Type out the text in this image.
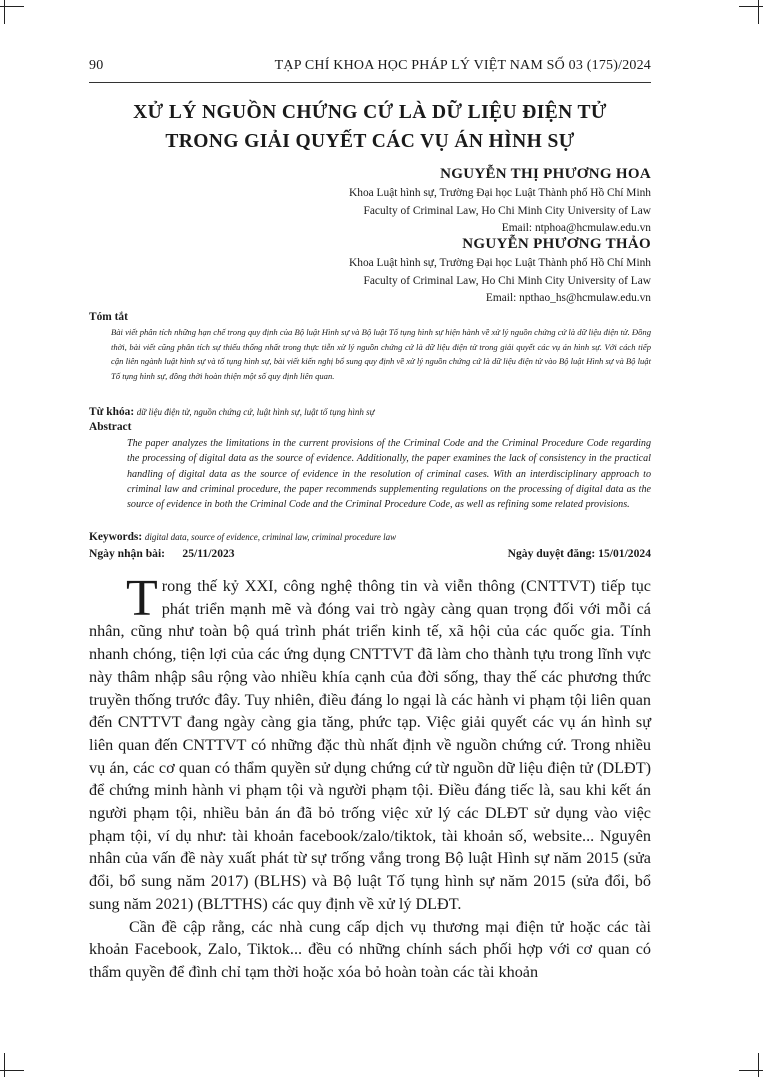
90	TẠP CHÍ KHOA HỌC PHÁP LÝ VIỆT NAM SỐ 03 (175)/2024
XỬ LÝ NGUỒN CHỨNG CỨ LÀ DỮ LIỆU ĐIỆN TỬ
TRONG GIẢI QUYẾT CÁC VỤ ÁN HÌNH SỰ
NGUYỄN THỊ PHƯƠNG HOA
Khoa Luật hình sự, Trường Đại học Luật Thành phố Hồ Chí Minh
Faculty of Criminal Law, Ho Chi Minh City University of Law
Email: ntphoa@hcmulaw.edu.vn
NGUYỄN PHƯƠNG THẢO
Khoa Luật hình sự, Trường Đại học Luật Thành phố Hồ Chí Minh
Faculty of Criminal Law, Ho Chi Minh City University of Law
Email: npthao_hs@hcmulaw.edu.vn
Tóm tắt
Bài viết phân tích những hạn chế trong quy định của Bộ luật Hình sự và Bộ luật Tố tụng hình sự hiện hành về xử lý nguồn chứng cứ là dữ liệu điện tử. Đồng thời, bài viết cũng phân tích sự thiếu thống nhất trong thực tiễn xử lý nguồn chứng cứ là dữ liệu điện tử trong giải quyết các vụ án hình sự. Với cách tiếp cận liên ngành luật hình sự và tố tụng hình sự, bài viết kiến nghị bổ sung quy định về xử lý nguồn chứng cứ là dữ liệu điện tử vào Bộ luật Hình sự và Bộ luật Tố tụng hình sự, đồng thời hoàn thiện một số quy định liên quan.
Từ khóa: dữ liệu điện tử, nguồn chứng cứ, luật hình sự, luật tố tụng hình sự
Abstract
The paper analyzes the limitations in the current provisions of the Criminal Code and the Criminal Procedure Code regarding the processing of digital data as the source of evidence. Additionally, the paper examines the lack of consistency in the practical handling of digital data as the source of evidence in the resolution of criminal cases. With an interdisciplinary approach to criminal law and criminal procedure, the paper recommends supplementing regulations on the processing of digital data as the source of evidence in both the Criminal Code and the Criminal Procedure Code, as well as refining some related provisions.
Keywords: digital data, source of evidence, criminal law, criminal procedure law
Ngày nhận bài: 25/11/2023	Ngày duyệt đăng: 15/01/2024

Trong thế kỷ XXI, công nghệ thông tin và viễn thông (CNTTVT) tiếp tục phát triển mạnh mẽ và đóng vai trò ngày càng quan trọng đối với mỗi cá nhân, cũng như toàn bộ quá trình phát triển kinh tế, xã hội của các quốc gia. Tính nhanh chóng, tiện lợi của các ứng dụng CNTTVT đã làm cho thành tựu trong lĩnh vực này thâm nhập sâu rộng vào nhiều khía cạnh của đời sống, thay thế các phương thức truyền thống trước đây. Tuy nhiên, điều đáng lo ngại là các hành vi phạm tội liên quan đến CNTTVT đang ngày càng gia tăng, phức tạp. Việc giải quyết các vụ án hình sự liên quan đến CNTTVT có những đặc thù nhất định về nguồn chứng cứ. Trong nhiều vụ án, các cơ quan có thẩm quyền sử dụng chứng cứ từ nguồn dữ liệu điện tử (DLĐT) để chứng minh hành vi phạm tội và người phạm tội. Điều đáng tiếc là, sau khi kết án người phạm tội, nhiều bản án đã bỏ trống việc xử lý các DLĐT sử dụng vào việc phạm tội, ví dụ như: tài khoản facebook/zalo/tiktok, tài khoản số, website... Nguyên nhân của vấn đề này xuất phát từ sự trống vắng trong Bộ luật Hình sự năm 2015 (sửa đổi, bổ sung năm 2017) (BLHS) và Bộ luật Tố tụng hình sự năm 2015 (sửa đổi, bổ sung năm 2021) (BLTTHS) các quy định về xử lý DLĐT.

Cần đề cập rằng, các nhà cung cấp dịch vụ thương mại điện tử hoặc các tài khoản Facebook, Zalo, Tiktok... đều có những chính sách phối hợp với cơ quan có thẩm quyền để đình chỉ tạm thời hoặc xóa bỏ hoàn toàn các tài khoản
